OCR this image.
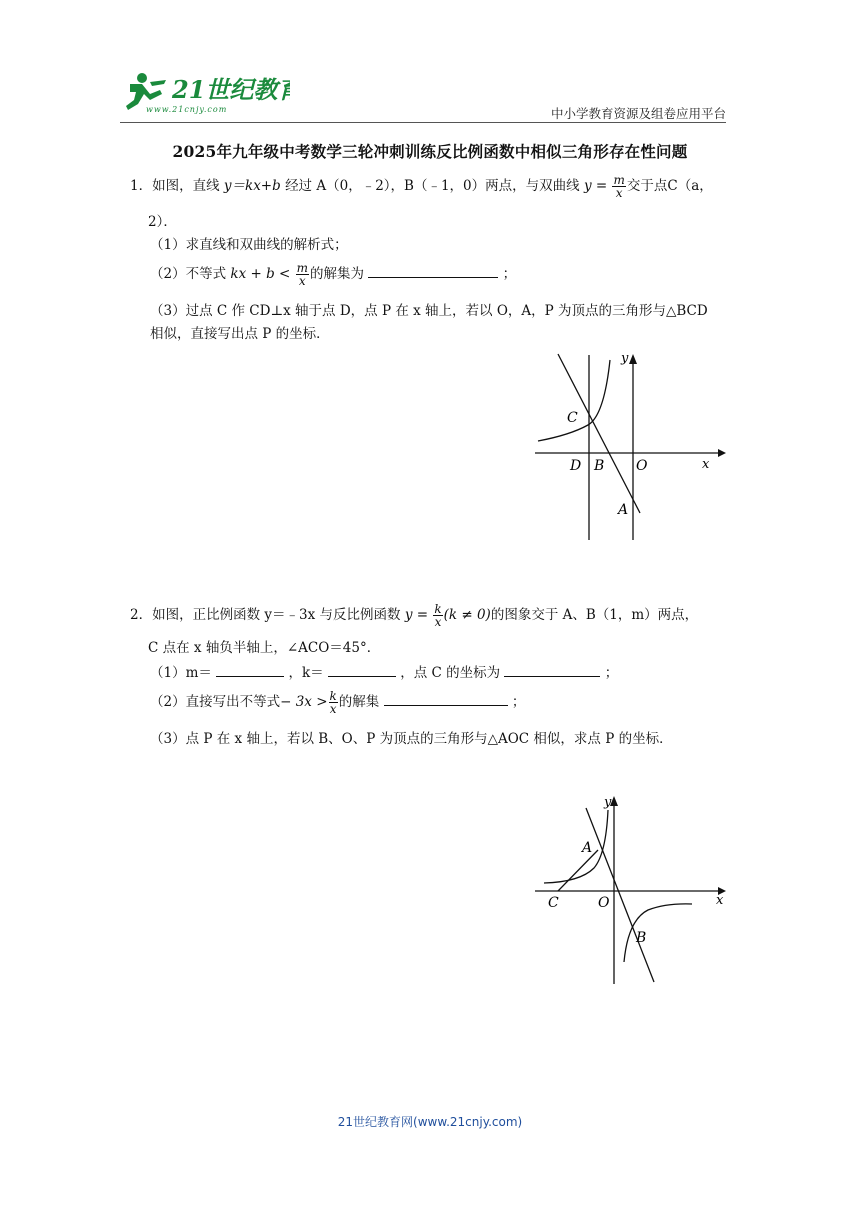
21世纪教育
www.21cnjy.com	中小学教育资源及组卷应用平台
2025年九年级中考数学三轮冲刺训练反比例函数中相似三角形存在性问题
1．如图，直线 y＝kx+b 经过 A（0，﹣2），B（﹣1，0）两点，与双曲线 $y = \frac{m}{x}$ 交于点C（a，
2）．
（1）求直线和双曲线的解析式；
（2）不等式 kx + $b < \frac{m}{x}$ 的解集为	；
（3）过点 C 作 CD⊥x 轴于点 D，点 P 在 x 轴上，若以 O，A，P 为顶点的三角形与△BCD
相似，直接写出点 P 的坐标．
C
D B O
A
x
y
2．如图，正比例函数 y＝﹣3x 与反比例函数 $y = \frac{k}{x} (k \ne 0)$的图象交于 A、B（1，m）两点，
C 点在 x 轴负半轴上，∠ACO＝45°．
（1）m＝	，k＝	，点 C 的坐标为	；
（2）直接写出不等式− $3x > \frac{k}{x}$ 的解集	；
（3）点 P 在 x 轴上，若以 B、O、P 为顶点的三角形与△AOC 相似，求点 P 的坐标．
A
C	O
B
x
y
21世纪教育网(www.21cnjy.com)
